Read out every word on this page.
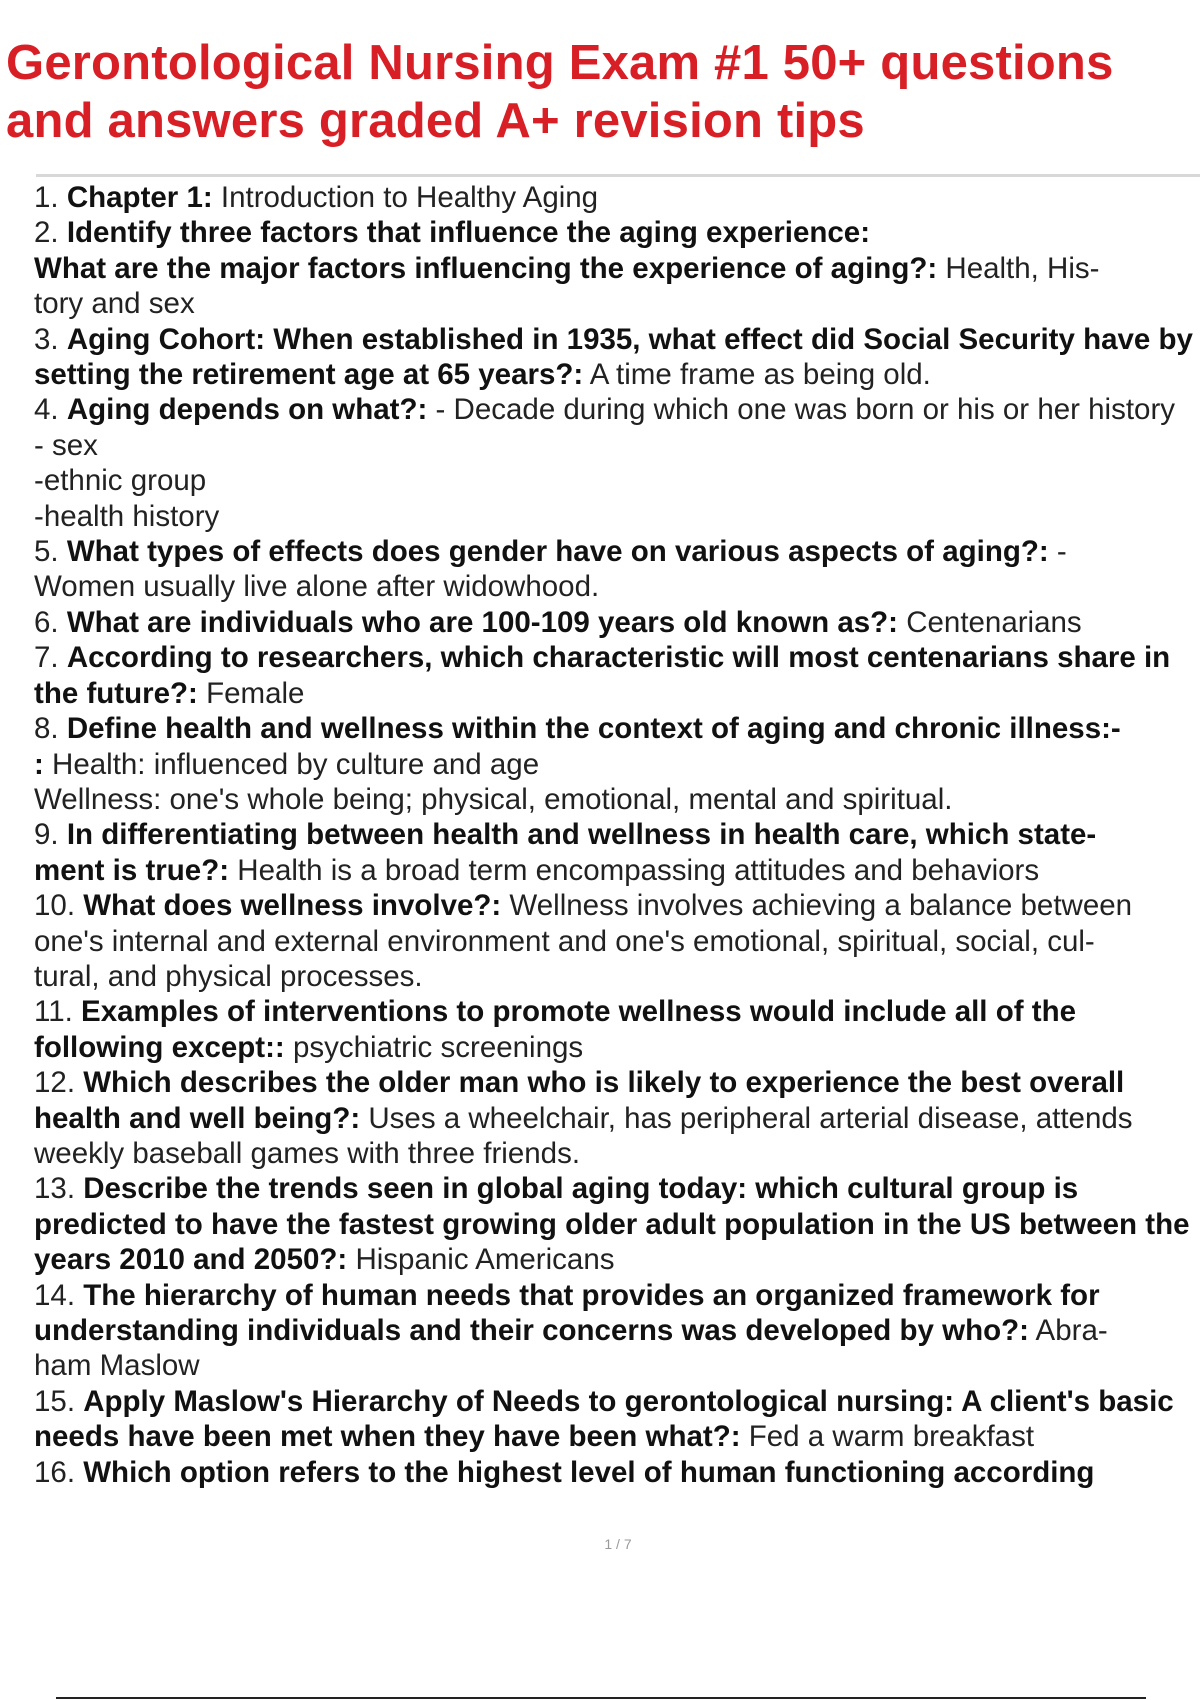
Gerontological Nursing Exam #1 50+ questions and answers graded A+ revision tips

1. Chapter 1: Introduction to Healthy Aging

2. Identify three factors that influence the aging experience:
What are the major factors influencing the experience of aging?: Health, His-
tory and sex

3. Aging Cohort: When established in 1935, what effect did Social Security have by setting the retirement age at 65 years?: A time frame as being old.

4. Aging depends on what?: - Decade during which one was born or his or her history
- sex
-ethnic group
-health history

5. What types of effects does gender have on various aspects of aging?: -
Women usually live alone after widowhood.

6. What are individuals who are 100-109 years old known as?: Centenarians

7. According to researchers, which characteristic will most centenarians share in the future?: Female

8. Define health and wellness within the context of aging and chronic illness:-
: Health: influenced by culture and age
Wellness: one's whole being; physical, emotional, mental and spiritual.

9. In differentiating between health and wellness in health care, which state-
ment is true?: Health is a broad term encompassing attitudes and behaviors

10. What does wellness involve?: Wellness involves achieving a balance between one's internal and external environment and one's emotional, spiritual, social, cul-
tural, and physical processes.

11. Examples of interventions to promote wellness would include all of the following except:: psychiatric screenings

12. Which describes the older man who is likely to experience the best overall health and well being?: Uses a wheelchair, has peripheral arterial disease, attends weekly baseball games with three friends.

13. Describe the trends seen in global aging today: which cultural group is predicted to have the fastest growing older adult population in the US between the years 2010 and 2050?: Hispanic Americans

14. The hierarchy of human needs that provides an organized framework for understanding individuals and their concerns was developed by who?: Abra-
ham Maslow

15. Apply Maslow's Hierarchy of Needs to gerontological nursing: A client's basic needs have been met when they have been what?: Fed a warm breakfast

16. Which option refers to the highest level of human functioning according

1 / 7
